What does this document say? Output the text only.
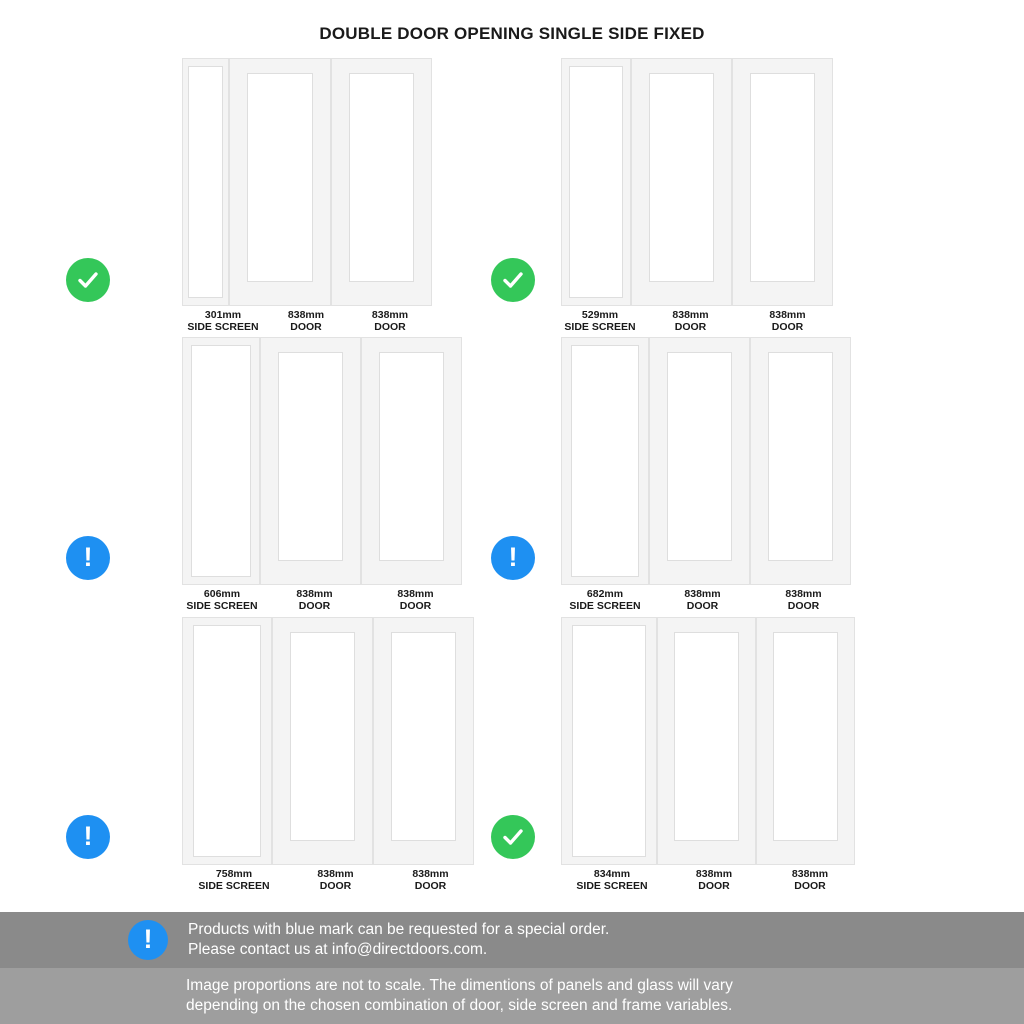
DOUBLE DOOR OPENING SINGLE SIDE FIXED
301mm
SIDE SCREEN
838mm
DOOR
838mm
DOOR
529mm
SIDE SCREEN
838mm
DOOR
838mm
DOOR
!
606mm
SIDE SCREEN
838mm
DOOR
838mm
DOOR
!
682mm
SIDE SCREEN
838mm
DOOR
838mm
DOOR
!
758mm
SIDE SCREEN
838mm
DOOR
838mm
DOOR
834mm
SIDE SCREEN
838mm
DOOR
838mm
DOOR
! Products with blue mark can be requested for a special order.
Please contact us at info@directdoors.com.
Image proportions are not to scale. The dimentions of panels and glass will vary
depending on the chosen combination of door, side screen and frame variables.
